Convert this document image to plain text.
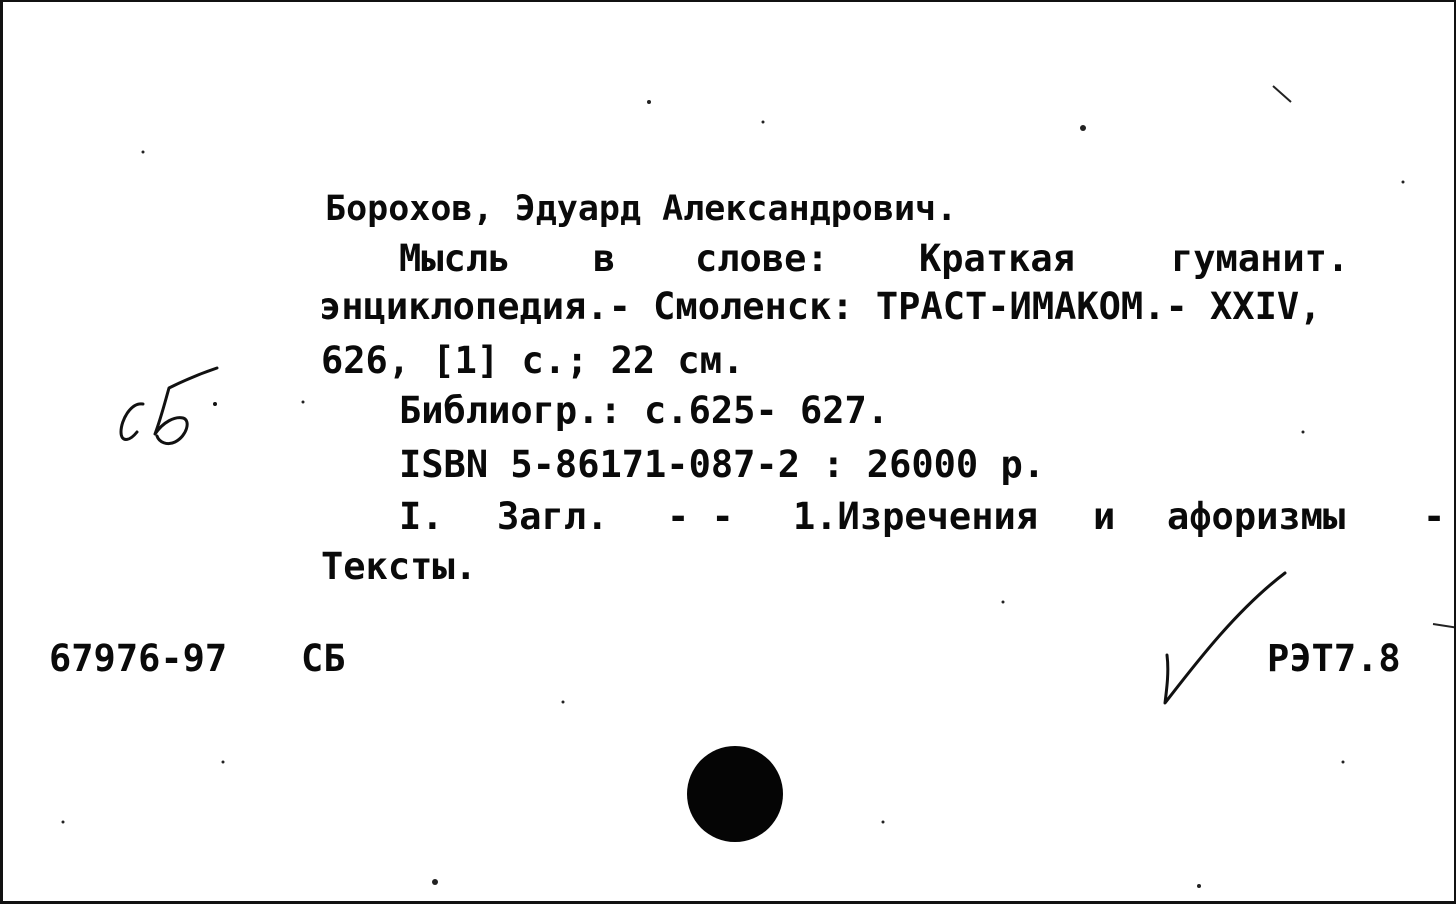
Борохов, Эдуард Александрович.
Мысль в слове: Краткая	гуманит.
энциклопедия.- Смоленск: ТРАСТ-ИМАКОМ.- XXIV,
626, [1] с.; 22 см.
Библиогр.: с.625- 627.
ISBN 5-86171-087-2 : 26000 р.
I. Загл. - - 1.Изречения и афоризмы -
Тексты.
67976-97 СБ	РЭТ7.8
